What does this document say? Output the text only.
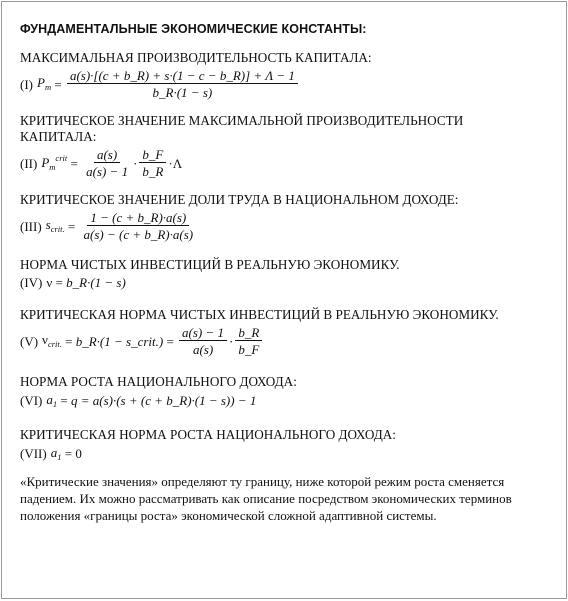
ФУНДАМЕНТАЛЬНЫЕ ЭКОНОМИЧЕСКИЕ КОНСТАНТЫ:
МАКСИМАЛЬНАЯ ПРОИЗВОДИТЕЛЬНОСТЬ КАПИТАЛА:
(I) $P_m = \frac{a(s)\cdot[(c + b\_R) + s\cdot(1 - c - b\_R)] + \Lambda - 1}{b\_R\cdot(1 - s)}$
КРИТИЧЕСКОЕ ЗНАЧЕНИЕ МАКСИМАЛЬНОЙ ПРОИЗВОДИТЕЛЬНОСТИ КАПИТАЛА:
(II) $P_m^{crit} = \frac{a(s)}{a(s) - 1} \cdot \frac{b\_F}{b\_R} \cdot\Lambda$
КРИТИЧЕСКОЕ ЗНАЧЕНИЕ ДОЛИ ТРУДА В НАЦИОНАЛЬНОМ ДОХОДЕ:
(III) $s_{crit.} = \frac{1 - (c + b\_R)\cdot a(s)}{a(s) - (c + b\_R)\cdot a(s)}$
НОРМА ЧИСТЫХ ИНВЕСТИЦИЙ В РЕАЛЬНУЮ ЭКОНОМИКУ.
(IV) ν = b_R·(1 − s)
КРИТИЧЕСКАЯ НОРМА ЧИСТЫХ ИНВЕСТИЦИЙ В РЕАЛЬНУЮ ЭКОНОМИКУ.
(V) $\nu_{crit.}$ = b_R·(1 − s_crit.) = $\frac{a(s) - 1}{a(s)} \cdot \frac{b\_R}{b\_F}$
НОРМА РОСТА НАЦИОНАЛЬНОГО ДОХОДА:
(VI) $a_1 = q = a(s)\cdot(s + (c$ + b_R)·(1 − s)) − 1
КРИТИЧЕСКАЯ НОРМА РОСТА НАЦИОНАЛЬНОГО ДОХОДА:
(VII) $a_1 = 0$
«Критические значения» определяют ту границу, ниже которой режим роста сменяется падением. Их можно рассматривать как описание посредством экономических терминов положения «границы роста» экономической сложной адаптивной системы.
